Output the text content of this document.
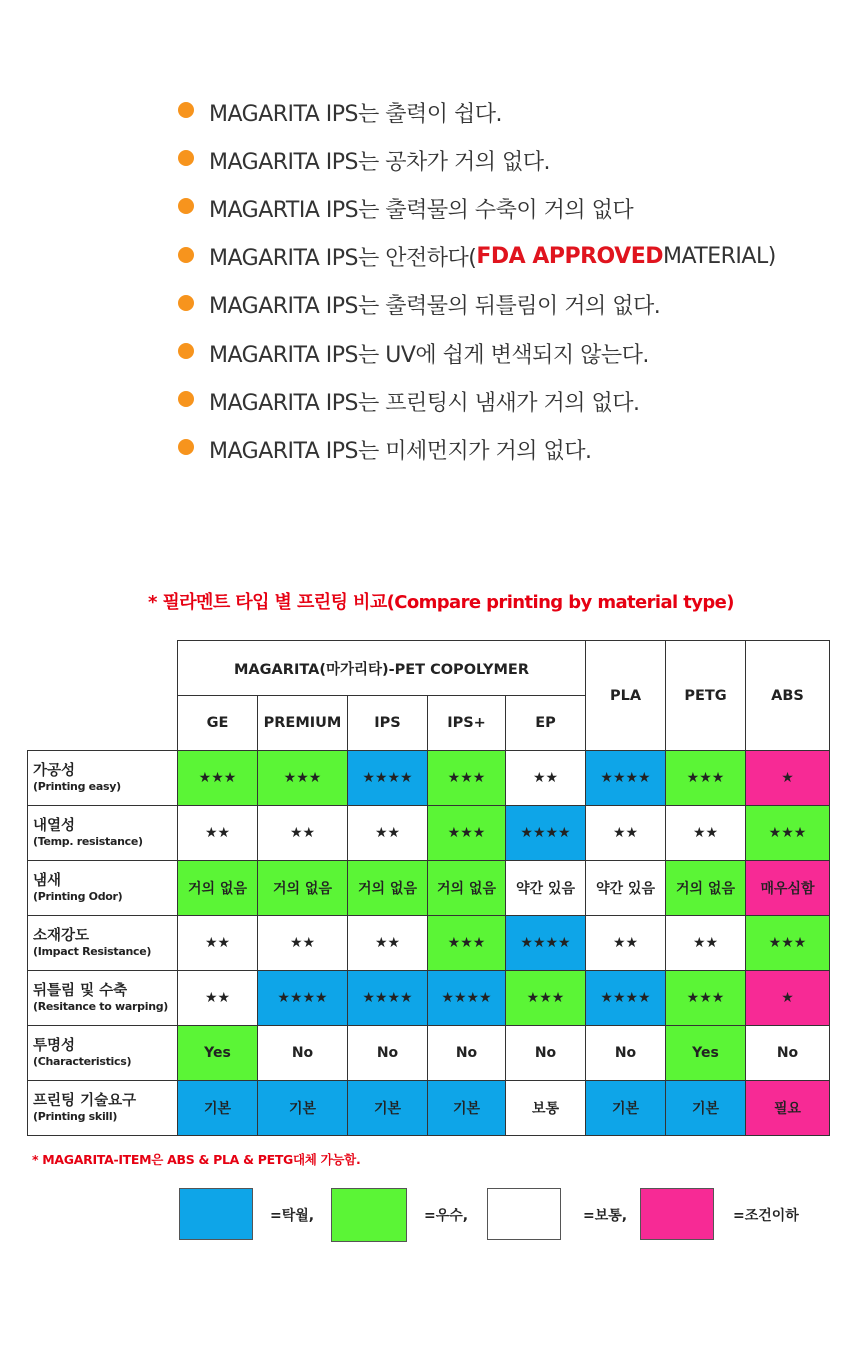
MAGARITA IPS는 출력이 쉽다.
MAGARITA IPS는 공차가 거의 없다.
MAGARTIA IPS는 출력물의 수축이 거의 없다
MAGARITA IPS는 안전하다( FDA APPROVED MATERIAL)
MAGARITA IPS는 출력물의 뒤틀림이 거의 없다.
MAGARITA IPS는 UV에 쉽게 변색되지 않는다.
MAGARITA IPS는 프린팅시 냄새가 거의 없다.
MAGARITA IPS는 미세먼지가 거의 없다.
* 필라멘트 타입 별 프린팅 비교(Compare printing by material type)
	MAGARITA(마가리타)-PET COPOLYMER					PLA	PETG	ABS
	GE	PREMIUM	IPS	IPS+	EP			

가공성
(Printing easy)	★★★	★★★	★★★★	★★★	★★	★★★★	★★★	★

내열성
(Temp. resistance)	★★	★★	★★	★★★	★★★★	★★	★★	★★★

냄새
(Printing Odor)	거의 없음	거의 없음	거의 없음	거의 없음	약간 있음	약간 있음	거의 없음	매우심함

소재강도
(Impact Resistance)	★★	★★	★★	★★★	★★★★	★★	★★	★★★

뒤틀림 및 수축
(Resitance to warping)	★★	★★★★	★★★★	★★★★	★★★	★★★★	★★★	★

투명성
(Characteristics)	Yes	No	No	No	No	No	Yes	No

프린팅 기술요구
(Printing skill)	기본	기본	기본	기본	보통	기본	기본	필요
* MAGARITA-ITEM은 ABS & PLA & PETG대체 가능함.
=탁월,	=우수,	=보통,	=조건이하
